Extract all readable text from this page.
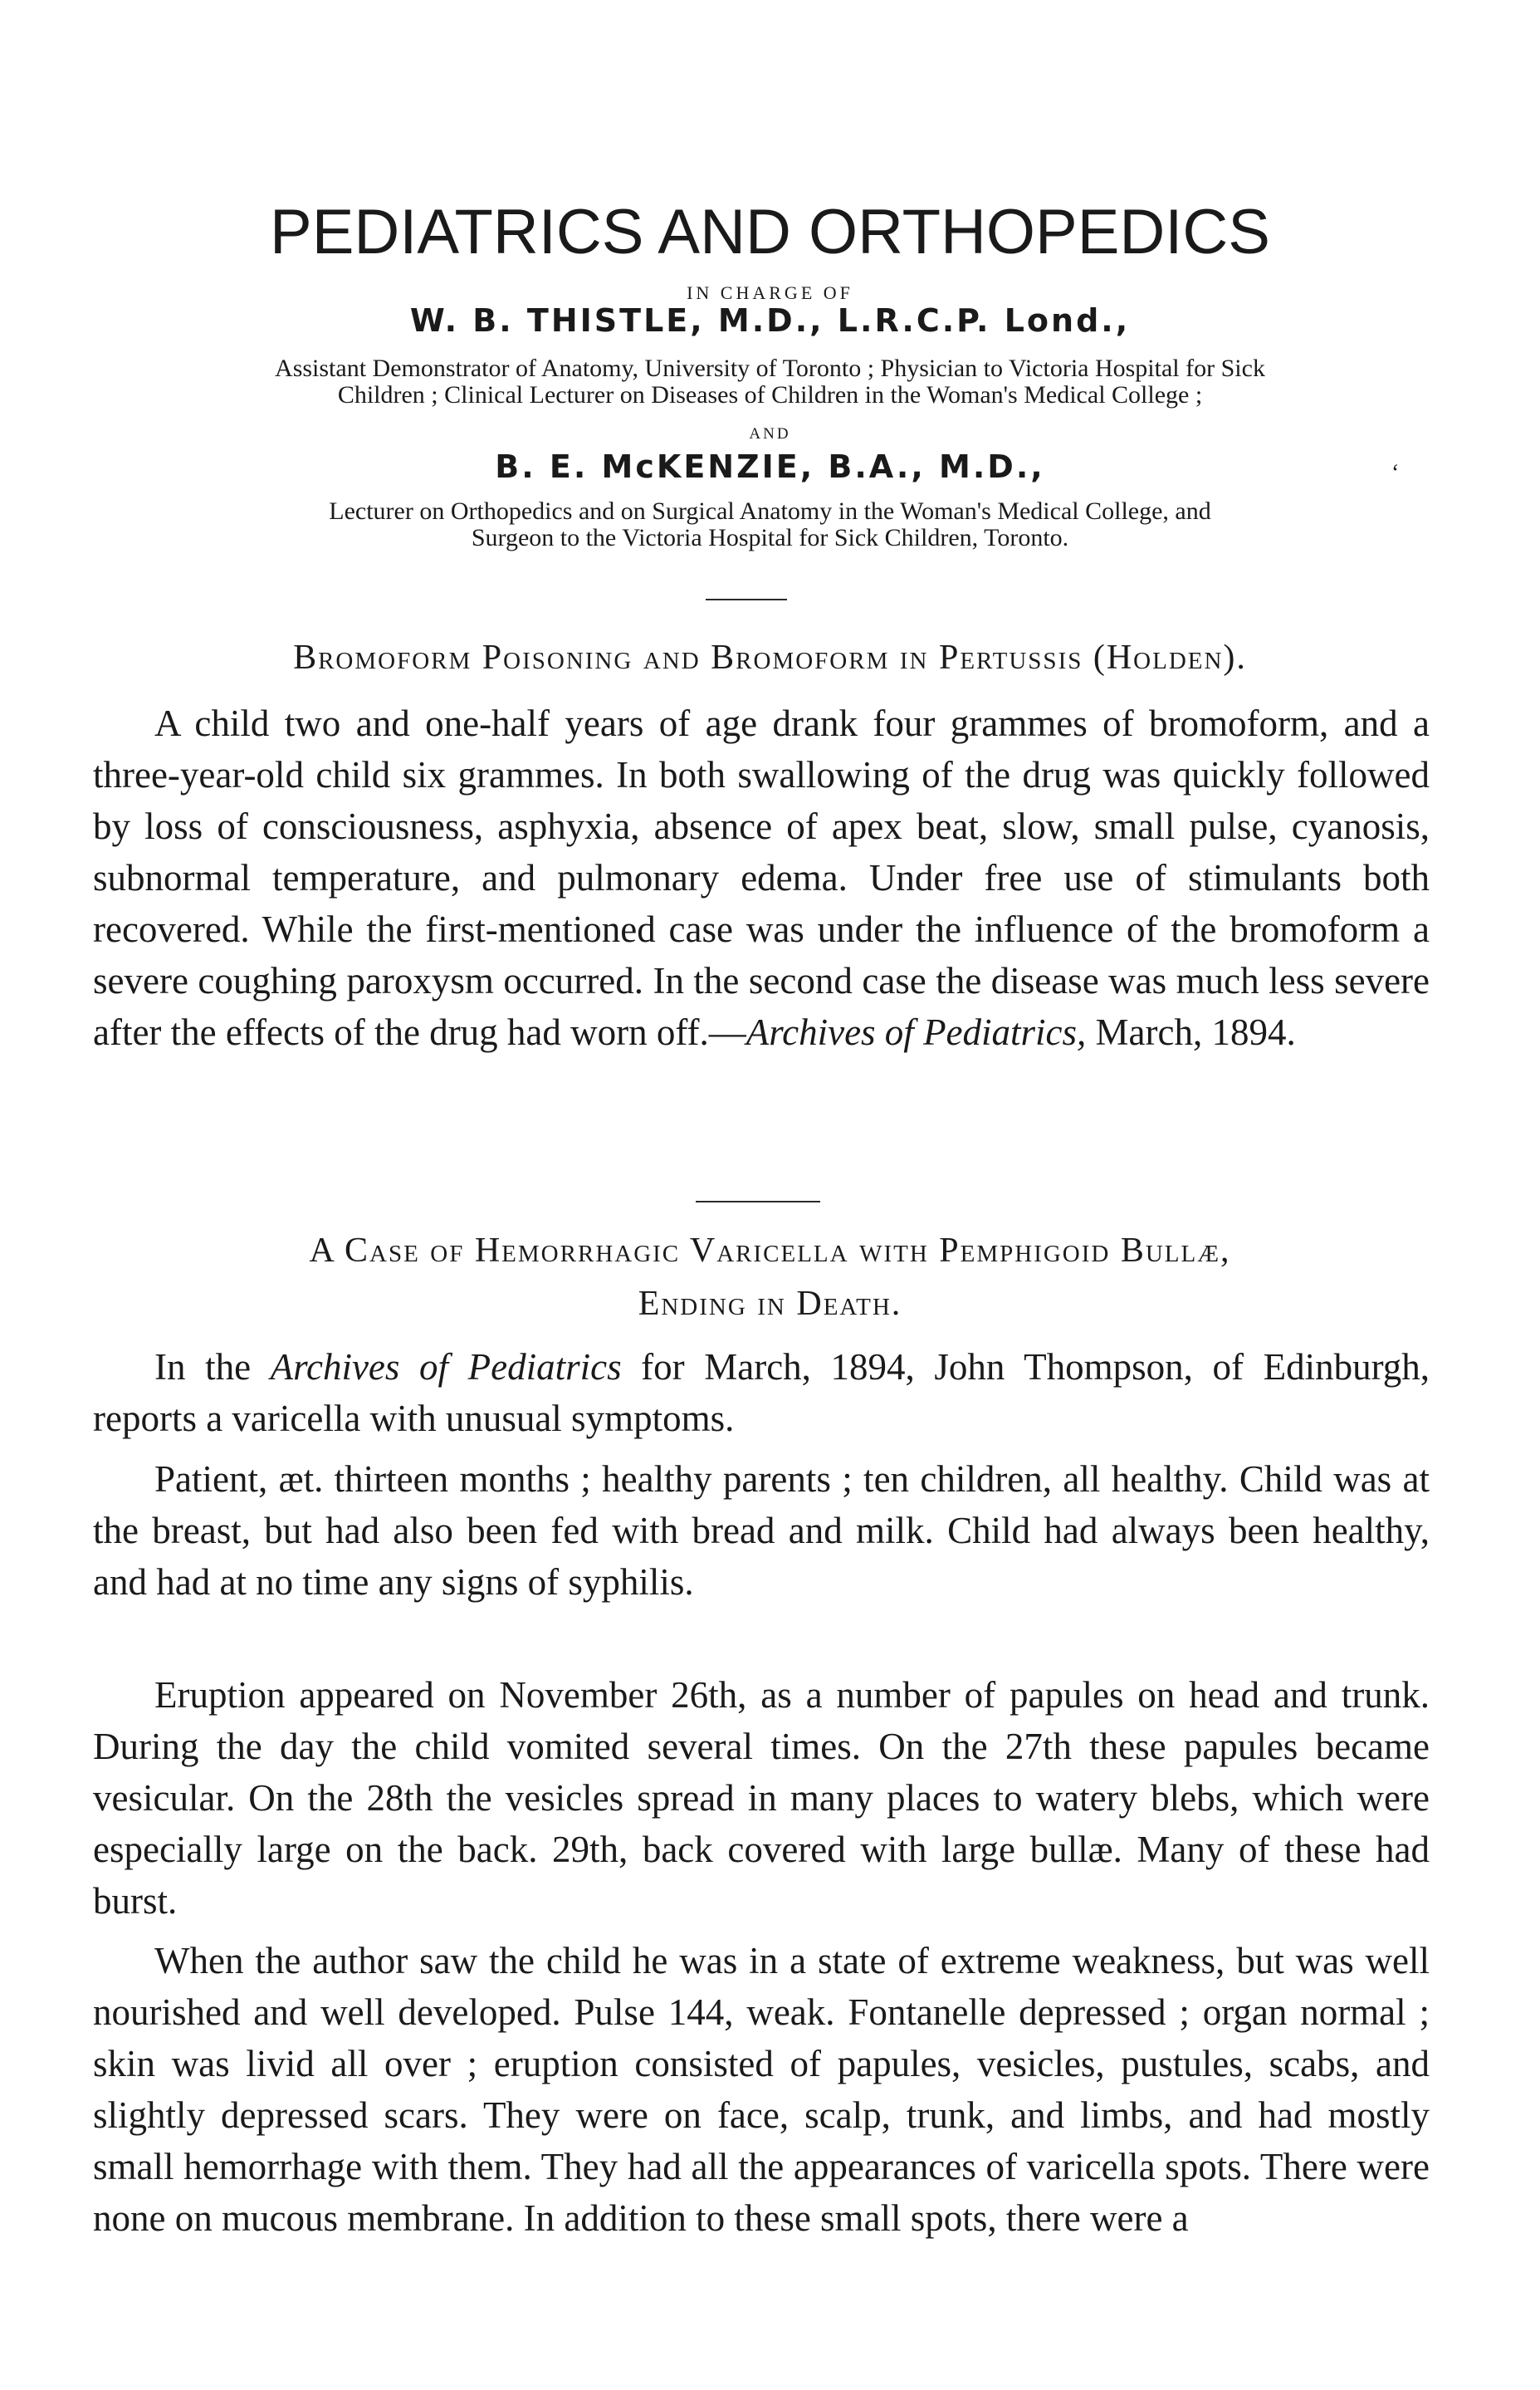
PEDIATRICS AND ORTHOPEDICS
IN CHARGE OF
W. B. THISTLE, M.D., L.R.C.P. Lond.,
Assistant Demonstrator of Anatomy, University of Toronto ; Physician to Victoria Hospital for Sick
Children ; Clinical Lecturer on Diseases of Children in the Woman's Medical College ;
AND
B. E. McKENZIE, B.A., M.D.,	‘
Lecturer on Orthopedics and on Surgical Anatomy in the Woman's Medical College, and
Surgeon to the Victoria Hospital for Sick Children, Toronto.
Bromoform Poisoning and Bromoform in Pertussis (Holden).

A child two and one-half years of age drank four grammes of bromoform, and a three-year-old child six grammes. In both swallowing of the drug was quickly followed by loss of consciousness, asphyxia, absence of apex beat, slow, small pulse, cyanosis, subnormal temperature, and pulmonary edema. Under free use of stimulants both recovered. While the first-mentioned case was under the influence of the bromoform a severe coughing paroxysm occurred. In the second case the disease was much less severe after the effects of the drug had worn off.—Archives of Pediatrics, March, 1894.

A Case of Hemorrhagic Varicella with Pemphigoid Bullæ,
Ending in Death.

In the Archives of Pediatrics for March, 1894, John Thompson, of Edinburgh, reports a varicella with unusual symptoms.

Patient, æt. thirteen months ; healthy parents ; ten children, all healthy. Child was at the breast, but had also been fed with bread and milk. Child had always been healthy, and had at no time any signs of syphilis.

Eruption appeared on November 26th, as a number of papules on head and trunk. During the day the child vomited several times. On the 27th these papules became vesicular. On the 28th the vesicles spread in many places to watery blebs, which were especially large on the back. 29th, back covered with large bullæ. Many of these had burst.

When the author saw the child he was in a state of extreme weakness, but was well nourished and well developed. Pulse 144, weak. Fontanelle depressed ; organ normal ; skin was livid all over ; eruption consisted of papules, vesicles, pustules, scabs, and slightly depressed scars. They were on face, scalp, trunk, and limbs, and had mostly small hemorrhage with them. They had all the appearances of varicella spots. There were none on mucous membrane. In addition to these small spots, there were a
